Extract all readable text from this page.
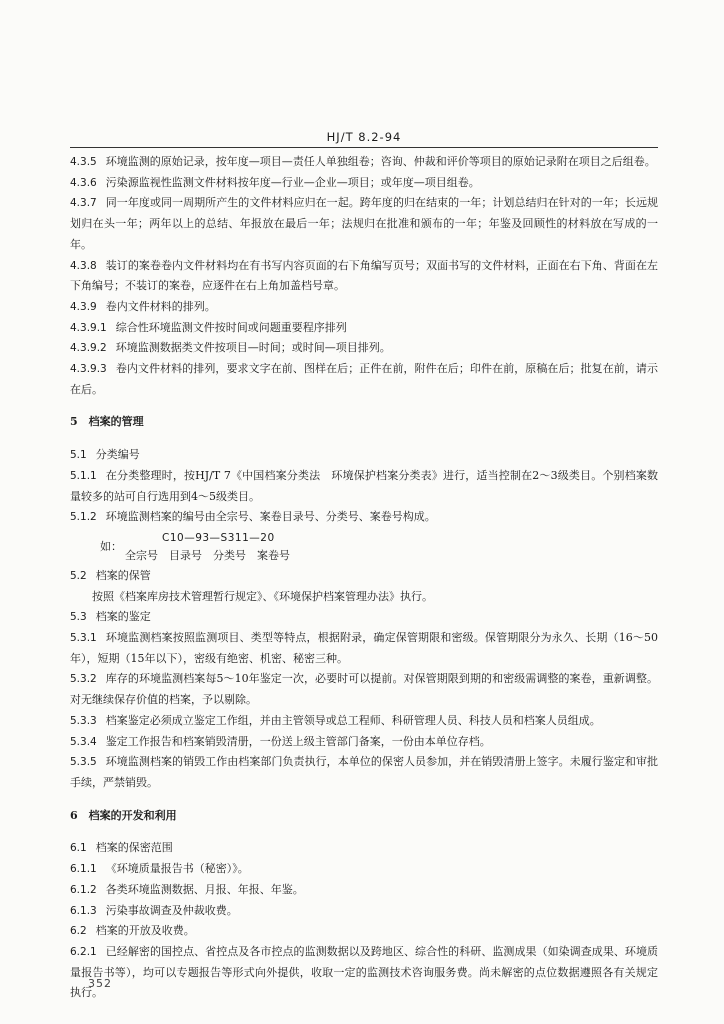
HJ/T 8.2-94

4.3.5 环境监测的原始记录，按年度—项目—责任人单独组卷；咨询、仲裁和评价等项目的原始记录附在项目之后组卷。

4.3.6 污染源监视性监测文件材料按年度—行业—企业—项目；或年度—项目组卷。

4.3.7 同一年度或同一周期所产生的文件材料应归在一起。跨年度的归在结束的一年；计划总结归在针对的一年；长远规划归在头一年；两年以上的总结、年报放在最后一年；法规归在批准和颁布的一年；年鉴及回顾性的材料放在写成的一年。

4.3.8 装订的案卷卷内文件材料均在有书写内容页面的右下角编写页号；双面书写的文件材料，正面在右下角、背面在左下角编号；不装订的案卷，应逐件在右上角加盖档号章。

4.3.9 卷内文件材料的排列。

4.3.9.1 综合性环境监测文件按时间或问题重要程序排列

4.3.9.2 环境监测数据类文件按项目—时间；或时间—项目排列。

4.3.9.3 卷内文件材料的排列，要求文字在前、图样在后；正件在前，附件在后；印件在前，原稿在后；批复在前，请示在后。

5　档案的管理

5.1 分类编号

5.1.1 在分类整理时，按HJ/T 7《中国档案分类法　环境保护档案分类表》进行，适当控制在2～3级类目。个别档案数量较多的站可自行选用到4～5级类目。

5.1.2 环境监测档案的编号由全宗号、案卷目录号、分类号、案卷号构成。

C10—93—S311—20
如：
全宗号　目录号　分类号　案卷号

5.2 档案的保管

按照《档案库房技术管理暂行规定》、《环境保护档案管理办法》执行。

5.3 档案的鉴定

5.3.1 环境监测档案按照监测项目、类型等特点，根据附录，确定保管期限和密级。保管期限分为永久、长期（16～50年），短期（15年以下），密级有绝密、机密、秘密三种。

5.3.2 库存的环境监测档案每5～10年鉴定一次，必要时可以提前。对保管期限到期的和密级需调整的案卷，重新调整。对无继续保存价值的档案，予以剔除。

5.3.3 档案鉴定必须成立鉴定工作组，并由主管领导或总工程师、科研管理人员、科技人员和档案人员组成。

5.3.4 鉴定工作报告和档案销毁清册，一份送上级主管部门备案，一份由本单位存档。

5.3.5 环境监测档案的销毁工作由档案部门负责执行，本单位的保密人员参加，并在销毁清册上签字。未履行鉴定和审批手续，严禁销毁。

6　档案的开发和利用

6.1 档案的保密范围

6.1.1 《环境质量报告书（秘密）》。

6.1.2 各类环境监测数据、月报、年报、年鉴。

6.1.3 污染事故调查及仲裁收费。

6.2 档案的开放及收费。

6.2.1 已经解密的国控点、省控点及各市控点的监测数据以及跨地区、综合性的科研、监测成果（如染调查成果、环境质量报告书等），均可以专题报告等形式向外提供，收取一定的监测技术咨询服务费。尚未解密的点位数据遵照各有关规定执行。

352
